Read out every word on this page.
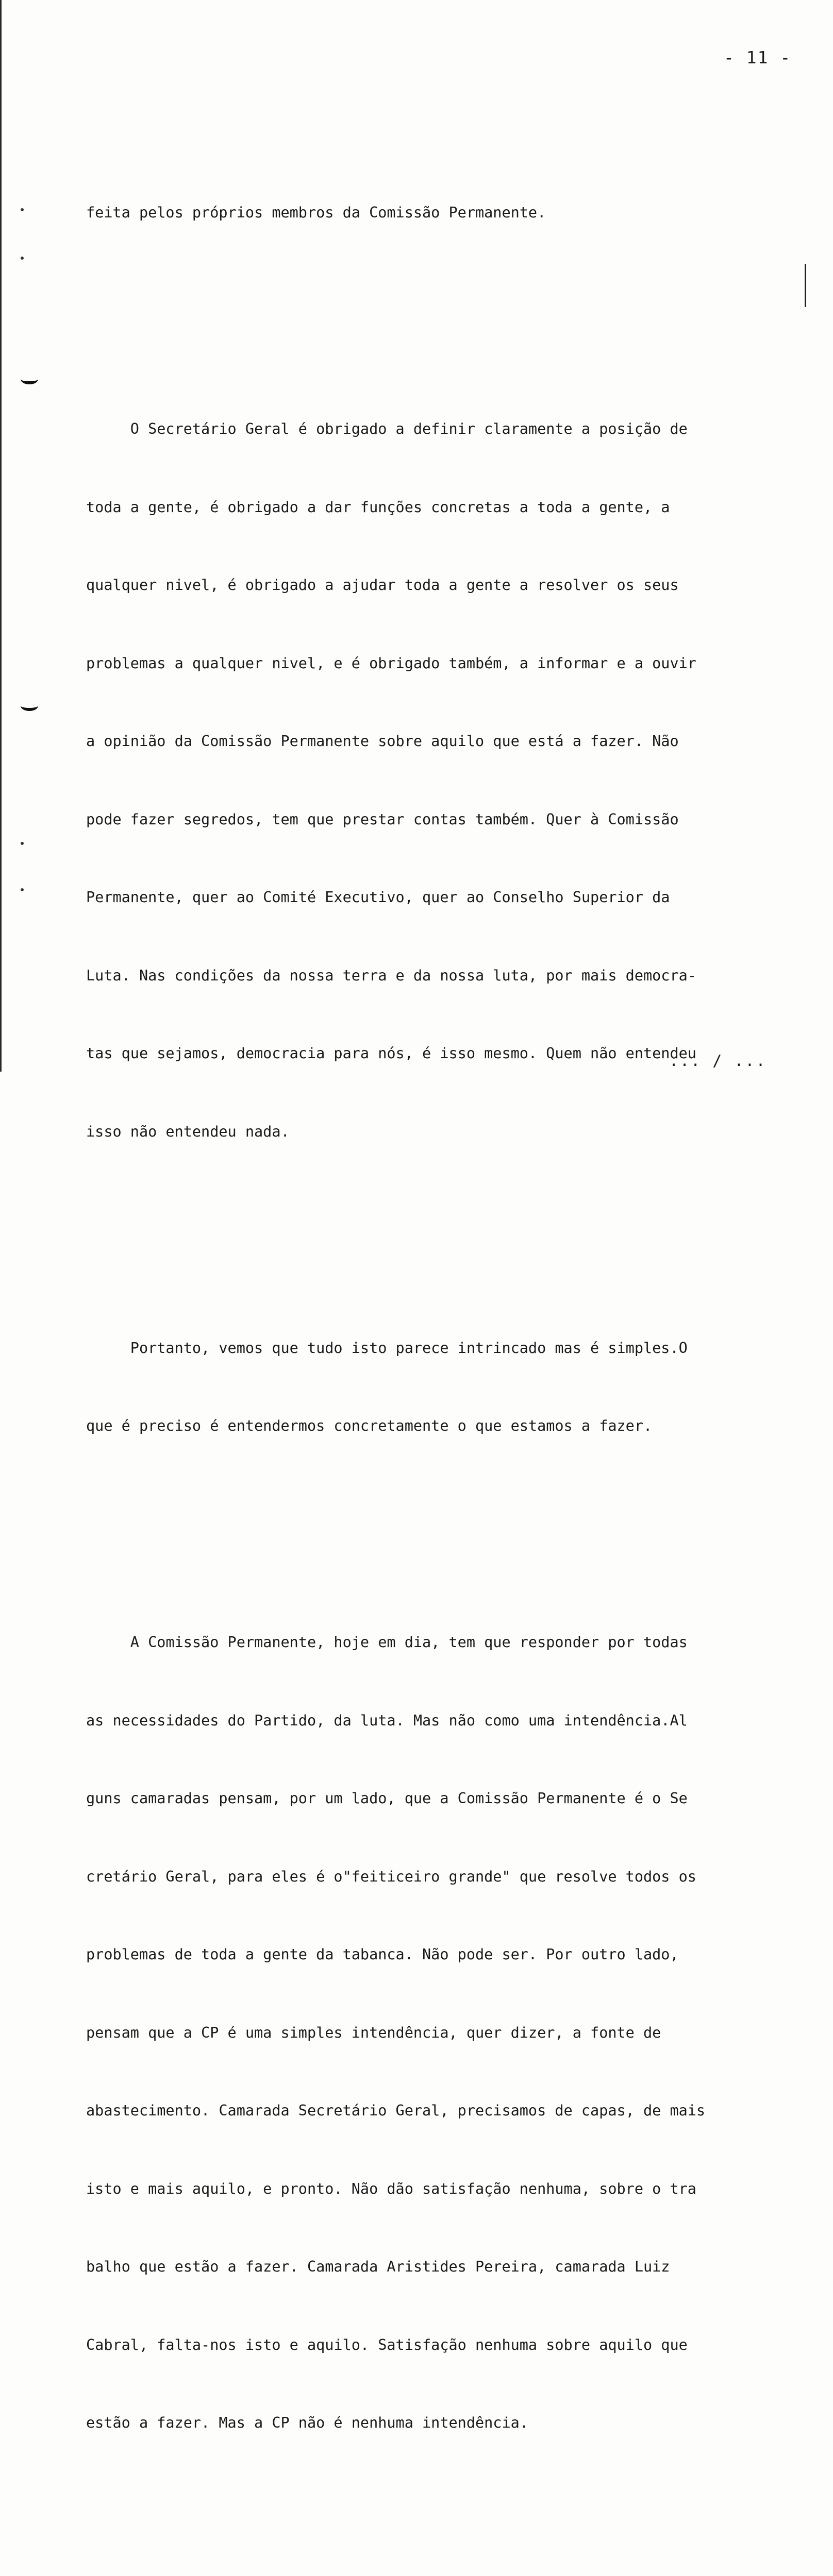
- 11 -

feita pelos próprios membros da Comissão Permanente.

O Secretário Geral é obrigado a definir claramente a posição de

toda a gente, é obrigado a dar funções concretas a toda a gente, a

qualquer nivel, é obrigado a ajudar toda a gente a resolver os seus

problemas a qualquer nivel, e é obrigado também, a informar e a ouvir

a opinião da Comissão Permanente sobre aquilo que está a fazer. Não

pode fazer segredos, tem que prestar contas também. Quer à Comissão

Permanente, quer ao Comité Executivo, quer ao Conselho Superior da

Luta. Nas condições da nossa terra e da nossa luta, por mais democra-

tas que sejamos, democracia para nós, é isso mesmo. Quem não entendeu

isso não entendeu nada.

Portanto, vemos que tudo isto parece intrincado mas é simples.O

que é preciso é entendermos concretamente o que estamos a fazer.

A Comissão Permanente, hoje em dia, tem que responder por todas

as necessidades do Partido, da luta. Mas não como uma intendência.Al

guns camaradas pensam, por um lado, que a Comissão Permanente é o Se

cretário Geral, para eles é o"feiticeiro grande" que resolve todos os

problemas de toda a gente da tabanca. Não pode ser. Por outro lado,

pensam que a CP é uma simples intendência, quer dizer, a fonte de

abastecimento. Camarada Secretário Geral, precisamos de capas, de mais

isto e mais aquilo, e pronto. Não dão satisfação nenhuma, sobre o tra

balho que estão a fazer. Camarada Aristides Pereira, camarada Luiz

Cabral, falta-nos isto e aquilo. Satisfação nenhuma sobre aquilo que

estão a fazer. Mas a CP não é nenhuma intendência.

... / ...
